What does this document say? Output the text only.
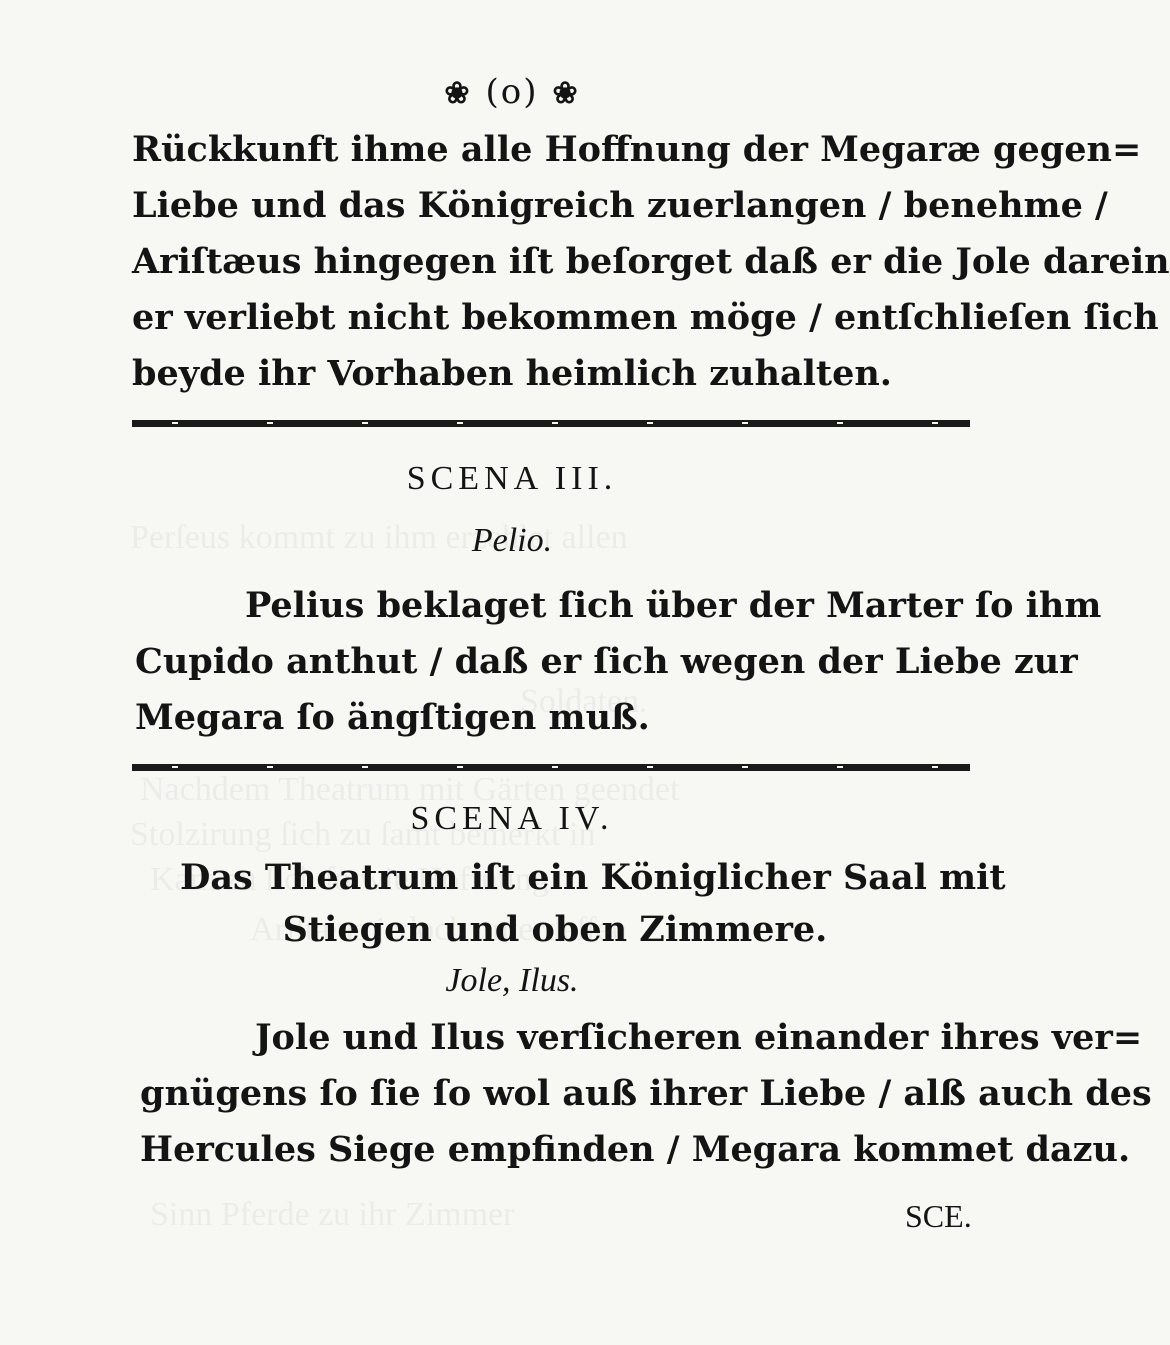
❀ (o) ❀
Rückkunft ihme alle Hoffnung der Megaræ gegen=
Liebe und das Königreich zuerlangen / benehme /
Ariſtæus hingegen iſt beſorget daß er die Jole darein
er verliebt nicht bekommen möge / entſchlieſen ſich
beyde ihr Vorhaben heimlich zuhalten.
SCENA III.
Pelio.
Pelius beklaget ſich über der Marter ſo ihm
Cupido anthut / daß er ſich wegen der Liebe zur
Megara ſo ängſtigen muß.
SCENA IV.
Das Theatrum iſt ein Königlicher Saal mit
Stiegen und oben Zimmere.
Jole, Ilus.
Jole und Ilus verſicheren einander ihres ver=
gnügens ſo ſie ſo wol auß ihrer Liebe / alß auch des
Hercules Siege empfinden / Megara kommet dazu.
SCE.
